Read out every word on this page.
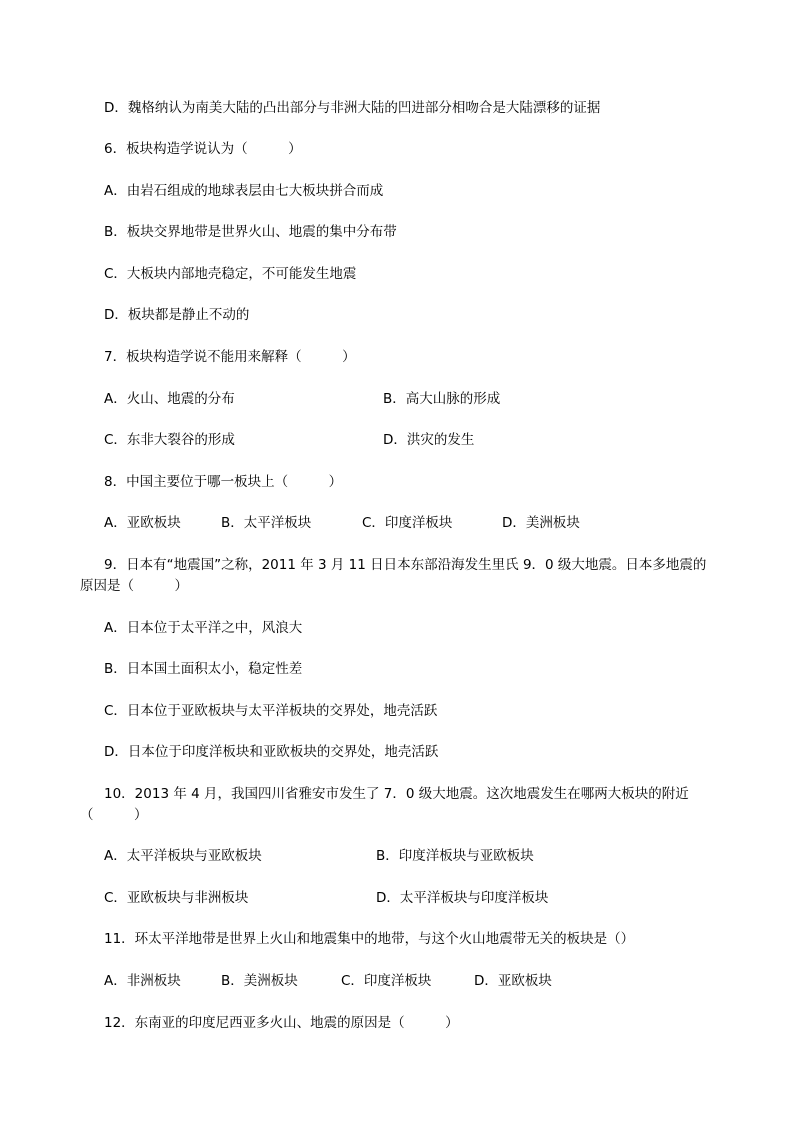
D．魏格纳认为南美大陆的凸出部分与非洲大陆的凹进部分相吻合是大陆漂移的证据
6．板块构造学说认为（　　　）
A．由岩石组成的地球表层由七大板块拼合而成
B．板块交界地带是世界火山、地震的集中分布带
C．大板块内部地壳稳定，不可能发生地震
D．板块都是静止不动的
7．板块构造学说不能用来解释（　　　）
A．火山、地震的分布	B．高大山脉的形成
C．东非大裂谷的形成	D．洪灾的发生
8．中国主要位于哪一板块上（　　　）
A．亚欧板块	B．太平洋板块	C．印度洋板块	D．美洲板块
9．日本有“地震国”之称，2011 年 3 月 11 日日本东部沿海发生里氏 9．0 级大地震。日本多地震的
原因是（　　　）
A．日本位于太平洋之中，风浪大
B．日本国土面积太小，稳定性差
C．日本位于亚欧板块与太平洋板块的交界处，地壳活跃
D．日本位于印度洋板块和亚欧板块的交界处，地壳活跃
10．2013 年 4 月，我国四川省雅安市发生了 7．0 级大地震。这次地震发生在哪两大板块的附近
（　　　）
A．太平洋板块与亚欧板块	B．印度洋板块与亚欧板块
C．亚欧板块与非洲板块	D．太平洋板块与印度洋板块
11．环太平洋地带是世界上火山和地震集中的地带，与这个火山地震带无关的板块是（）
A．非洲板块	B．美洲板块	C．印度洋板块	D．亚欧板块
12．东南亚的印度尼西亚多火山、地震的原因是（　　　）
